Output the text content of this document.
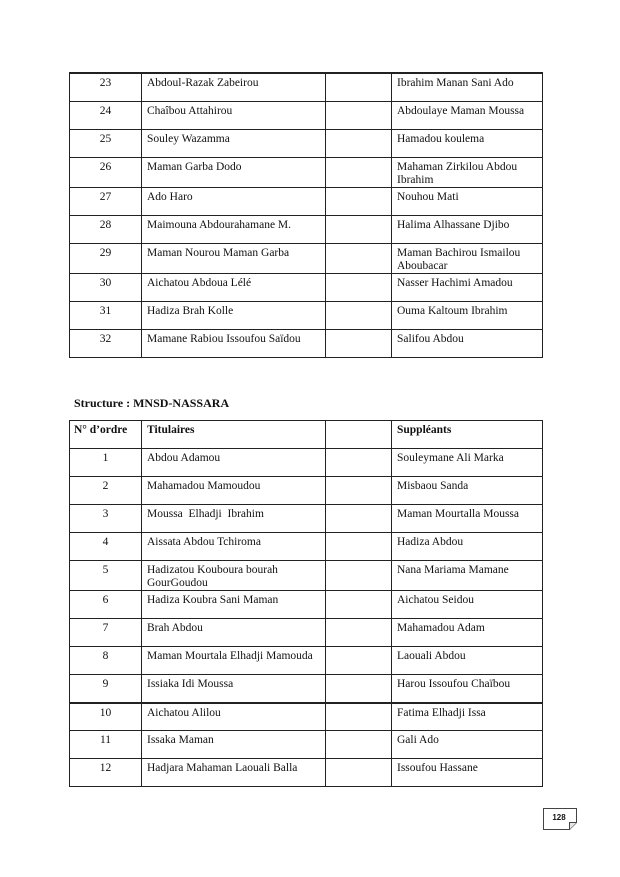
23	Abdoul-Razak Zabeirou		Ibrahim Manan Sani Ado
24	Chaîbou Attahirou		Abdoulaye Maman Moussa
25	Souley Wazamma		Hamadou koulema
26	Maman Garba Dodo		Mahaman Zirkilou Abdou Ibrahim
27	Ado Haro		Nouhou Mati
28	Maimouna Abdourahamane M.		Halima Alhassane Djibo
29	Maman Nourou Maman Garba		Maman Bachirou Ismailou Aboubacar
30	Aichatou Abdoua Lélé		Nasser Hachimi Amadou
31	Hadiza Brah Kolle		Ouma Kaltoum Ibrahim
32	Mamane Rabiou Issoufou Saïdou		Salifou Abdou

Structure : MNSD-NASSARA

N° d’ordre	Titulaires		Suppléants
1	Abdou Adamou		Souleymane Ali Marka
2	Mahamadou Mamoudou		Misbaou Sanda
3	Moussa  Elhadji  Ibrahim		Maman Mourtalla Moussa
4	Aissata Abdou Tchiroma		Hadiza Abdou
5	Hadizatou Kouboura bourah GourGoudou		Nana Mariama Mamane
6	Hadiza Koubra Sani Maman		Aichatou Seidou
7	Brah Abdou		Mahamadou Adam
8	Maman Mourtala Elhadji Mamouda		Laouali Abdou
9	Issiaka Idi Moussa		Harou Issoufou Chaïbou
10	Aichatou Alilou		Fatima Elhadji Issa
11	Issaka Maman		Gali Ado
12	Hadjara Mahaman Laouali Balla		Issoufou Hassane
128
